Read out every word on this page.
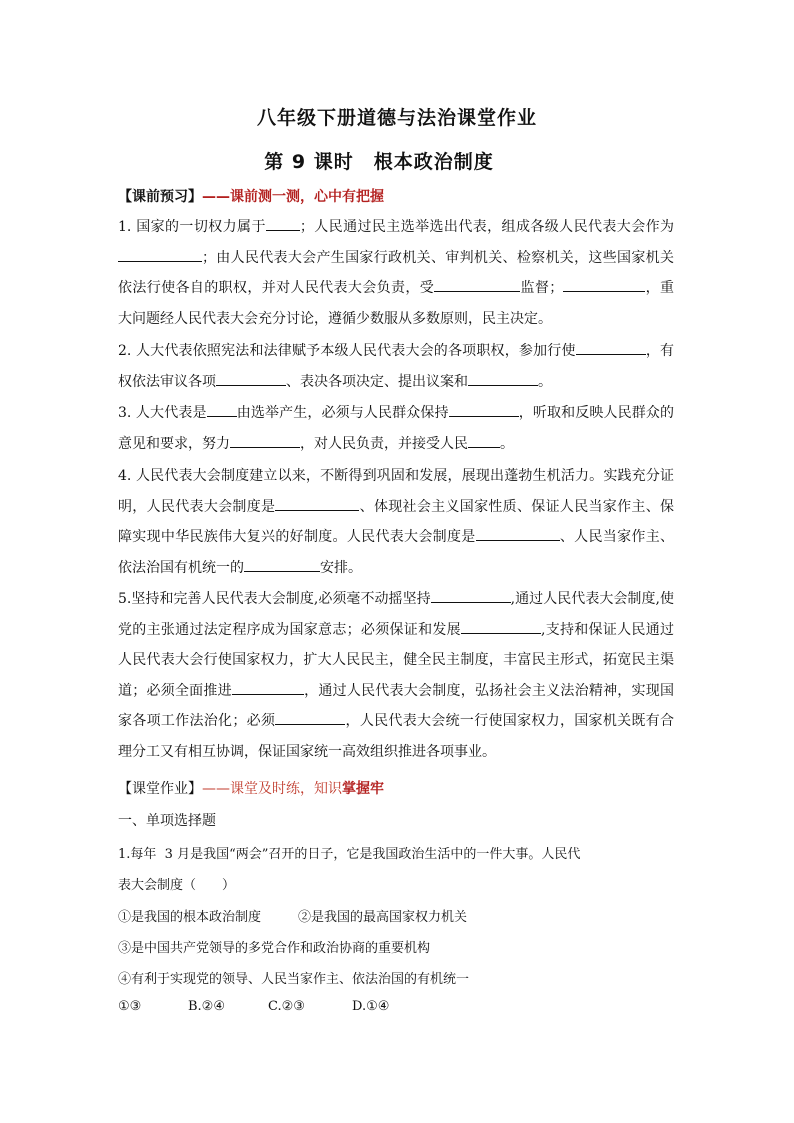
八年级下册道德与法治课堂作业
第 9 课时　根本政治制度
【课前预习】——课前测一测，心中有把握
1. 国家的一切权力属于 ；人民通过民主选举选出代表，组成各级人民代表大会作为；由人民代表大会产生国家行政机关、审判机关、检察机关，这些国家机关依法行使各自的职权，并对人民代表大会负责，受	监督；	，重大问题经人民代表大会充分讨论，遵循少数服从多数原则，民主决定。
2. 人大代表依照宪法和法律赋予本级人民代表大会的各项职权，参加行使	，有权依法审议各项	、表决各项决定、提出议案和	。
3. 人大代表是 由选举产生，必须与人民群众保持	，听取和反映人民群众的意见和要求，努力	，对人民负责，并接受人民 。
4. 人民代表大会制度建立以来，不断得到巩固和发展，展现出蓬勃生机活力。实践充分证明，人民代表大会制度是	、体现社会主义国家性质、保证人民当家作主、保障实现中华民族伟大复兴的好制度。人民代表大会制度是	、人民当家作主、依法治国有机统一的	安排。
5.坚持和完善人民代表大会制度,必须毫不动摇坚持	,通过人民代表大会制度,使党的主张通过法定程序成为国家意志；必须保证和发展	,支持和保证人民通过人民代表大会行使国家权力，扩大人民民主，健全民主制度，丰富民主形式，拓宽民主渠道；必须全面推进	，通过人民代表大会制度，弘扬社会主义法治精神，实现国家各项工作法治化；必须	，人民代表大会统一行使国家权力，国家机关既有合理分工又有相互协调，保证国家统一高效组织推进各项事业。
【课堂作业】——课堂及时练，知识掌握牢
一、单项选择题
1.每年  3 月是我国“两会”召开的日子，它是我国政治生活中的一件大事。人民代
表大会制度（　　）
①是我国的根本政治制度	②是我国的最高国家权力机关
③是中国共产党领导的多党合作和政治协商的重要机构
④有利于实现党的领导、人民当家作主、依法治国的有机统一
①③	B.②④	C.②③	D.①④
